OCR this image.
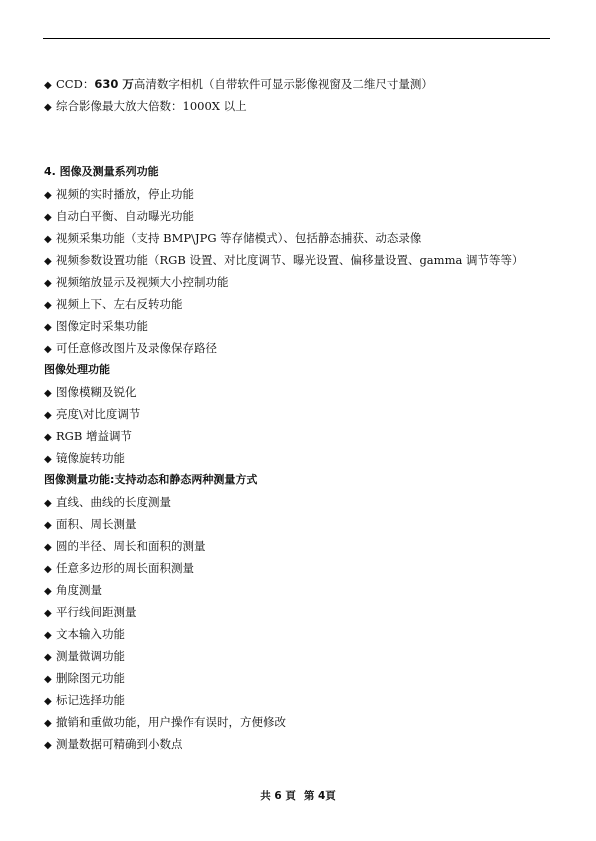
◆ CCD：630 万高清数字相机（自带软件可显示影像视窗及二维尺寸量测）
◆ 综合影像最大放大倍数：1000X 以上
4. 图像及测量系列功能
◆ 视频的实时播放，停止功能
◆ 自动白平衡、自动曝光功能
◆ 视频采集功能（支持 BMP\JPG 等存储模式）、包括静态捕获、动态录像
◆ 视频参数设置功能（RGB 设置、对比度调节、曝光设置、偏移量设置、gamma 调节等等）
◆ 视频缩放显示及视频大小控制功能
◆ 视频上下、左右反转功能
◆ 图像定时采集功能
◆ 可任意修改图片及录像保存路径
图像处理功能
◆ 图像模糊及锐化
◆ 亮度\对比度调节
◆ RGB 增益调节
◆ 镜像旋转功能
图像测量功能:支持动态和静态两种测量方式
◆ 直线、曲线的长度测量
◆ 面积、周长测量
◆ 圆的半径、周长和面积的测量
◆ 任意多边形的周长面积测量
◆ 角度测量
◆ 平行线间距测量
◆ 文本输入功能
◆ 测量微调功能
◆ 删除图元功能
◆ 标记选择功能
◆ 撤销和重做功能，用户操作有误时，方便修改
◆ 测量数据可精确到小数点
共 6 頁 第 4頁
